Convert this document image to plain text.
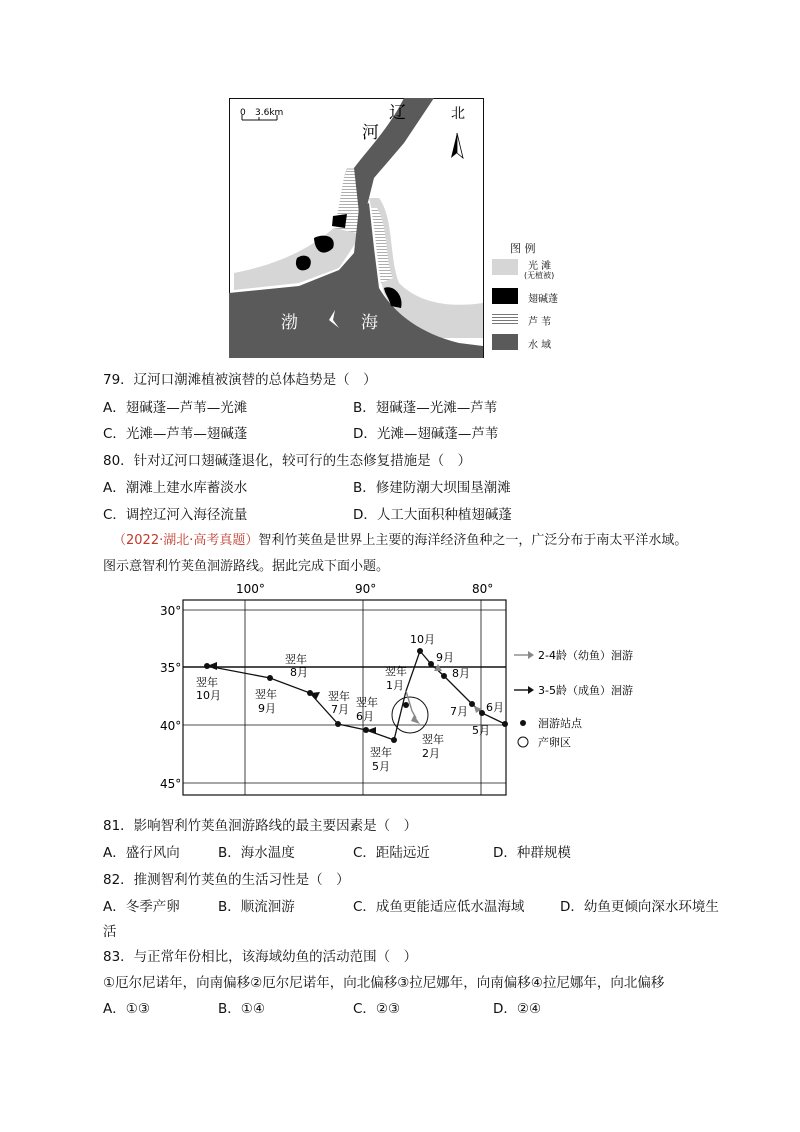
0 3.6km	北
辽
河
渤	海
图 例
光 滩
(无植被)
翅碱蓬
芦 苇
水 域
79．辽河口潮滩植被演替的总体趋势是（　）
A．翅碱蓬—芦苇—光滩	B．翅碱蓬—光滩—芦苇
C．光滩—芦苇—翅碱蓬	D．光滩—翅碱蓬—芦苇
80．针对辽河口翅碱蓬退化，较可行的生态修复措施是（　）
A．潮滩上建水库蓄淡水	B．修建防潮大坝围垦潮滩
C．调控辽河入海径流量	D．人工大面积种植翅碱蓬
（2022·湖北·高考真题）智利竹荚鱼是世界上主要的海洋经济鱼种之一，广泛分布于南太平洋水域。
图示意智利竹荚鱼洄游路线。据此完成下面小题。
100°	90°	80°
30°
35°
40°
45°
翌年
10月	翌年
9月
翌年
8月
翌年
7月
翌年
6月
翌年
5月
翌年
1月
翌年
2月
10月
9月
8月
7月 6月
5月
2-4龄（幼鱼）洄游
3-5龄（成鱼）洄游
洄游站点
产卵区
81．影响智利竹荚鱼洄游路线的最主要因素是（　）
A．盛行风向	B．海水温度	C．距陆远近	D．种群规模
82．推测智利竹荚鱼的生活习性是（　）
A．冬季产卵	B．顺流洄游	C．成鱼更能适应低水温海域	D．幼鱼更倾向深水环境生
活
83．与正常年份相比，该海域幼鱼的活动范围（　）
①厄尔尼诺年，向南偏移②厄尔尼诺年，向北偏移③拉尼娜年，向南偏移④拉尼娜年，向北偏移
A．①③	B．①④	C．②③	D．②④
